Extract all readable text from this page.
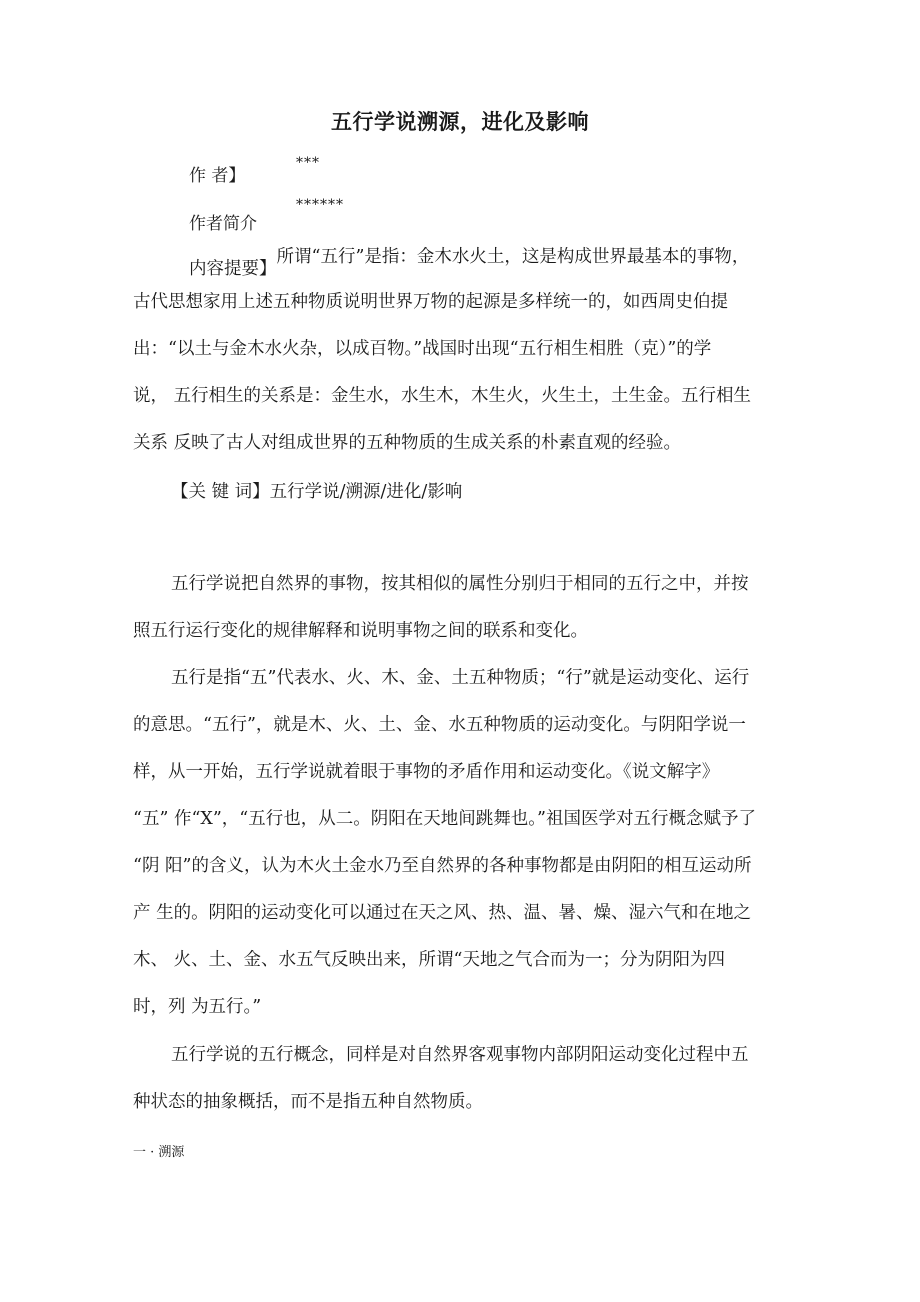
五行学说溯源，进化及影响
作 者】
***
作者简介
******
内容提要】所谓“五行”是指：金木水火土，这是构成世界最基本的事物，
古代思想家用上述五种物质说明世界万物的起源是多样统一的，如西周史伯提
出：“以土与金木水火杂，以成百物。”战国时出现“五行相生相胜（克）”的学
说， 五行相生的关系是：金生水，水生木，木生火，火生土，土生金。五行相生
关系 反映了古人对组成世界的五种物质的生成关系的朴素直观的经验。
【关 键 词】五行学说/溯源/进化/影响
五行学说把自然界的事物，按其相似的属性分别归于相同的五行之中，并按
照五行运行变化的规律解释和说明事物之间的联系和变化。
五行是指“五”代表水、火、木、金、土五种物质；“行”就是运动变化、运行
的意思。“五行”，就是木、火、土、金、水五种物质的运动变化。与阴阳学说一
样，从一开始，五行学说就着眼于事物的矛盾作用和运动变化。《说文解字》
“五” 作“X”，“五行也，从二。阴阳在天地间跳舞也。”祖国医学对五行概念赋予了
“阴 阳”的含义，认为木火土金水乃至自然界的各种事物都是由阴阳的相互运动所
产 生的。阴阳的运动变化可以通过在天之风、热、温、暑、燥、湿六气和在地之
木、 火、土、金、水五气反映出来，所谓“天地之气合而为一；分为阴阳为四
时，列 为五行。”
五行学说的五行概念，同样是对自然界客观事物内部阴阳运动变化过程中五
种状态的抽象概括，而不是指五种自然物质。
一 · 溯源
